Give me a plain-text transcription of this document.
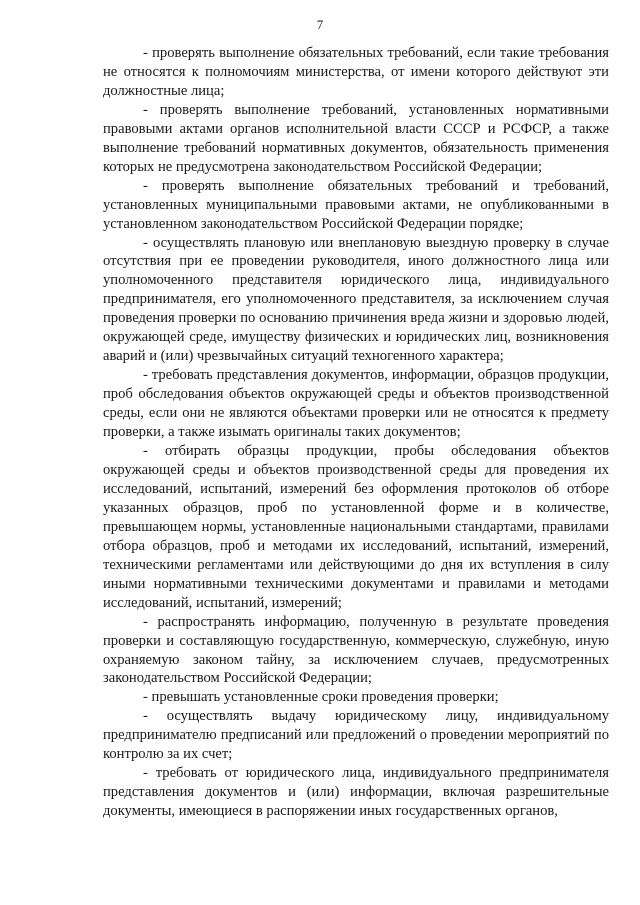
7

- проверять выполнение обязательных требований, если такие требования не относятся к полномочиям министерства, от имени которого действуют эти должностные лица;

- проверять выполнение требований, установленных нормативными правовыми актами органов исполнительной власти СССР и РСФСР, а также выполнение требований нормативных документов, обязательность применения которых не предусмотрена законодательством Российской Федерации;

- проверять выполнение обязательных требований и требований, установленных муниципальными правовыми актами, не опубликованными в установленном законодательством Российской Федерации порядке;

- осуществлять плановую или внеплановую выездную проверку в случае отсутствия при ее проведении руководителя, иного должностного лица или уполномоченного представителя юридического лица, индивидуального предпринимателя, его уполномоченного представителя, за исключением случая проведения проверки по основанию причинения вреда жизни и здоровью людей, окружающей среде, имуществу физических и юридических лиц, возникновения аварий и (или) чрезвычайных ситуаций техногенного характера;

- требовать представления документов, информации, образцов продукции, проб обследования объектов окружающей среды и объектов производственной среды, если они не являются объектами проверки или не относятся к предмету проверки, а также изымать оригиналы таких документов;

- отбирать образцы продукции, пробы обследования объектов окружающей среды и объектов производственной среды для проведения их исследований, испытаний, измерений без оформления протоколов об отборе указанных образцов, проб по установленной форме и в количестве, превышающем нормы, установленные национальными стандартами, правилами отбора образцов, проб и методами их исследований, испытаний, измерений, техническими регламентами или действующими до дня их вступления в силу иными нормативными техническими документами и правилами и методами исследований, испытаний, измерений;

- распространять информацию, полученную в результате проведения проверки и составляющую государственную, коммерческую, служебную, иную охраняемую законом тайну, за исключением случаев, предусмотренных законодательством Российской Федерации;

- превышать установленные сроки проведения проверки;

- осуществлять выдачу юридическому лицу, индивидуальному предпринимателю предписаний или предложений о проведении мероприятий по контролю за их счет;

- требовать от юридического лица, индивидуального предпринимателя представления документов и (или) информации, включая разрешительные документы, имеющиеся в распоряжении иных государственных органов,
